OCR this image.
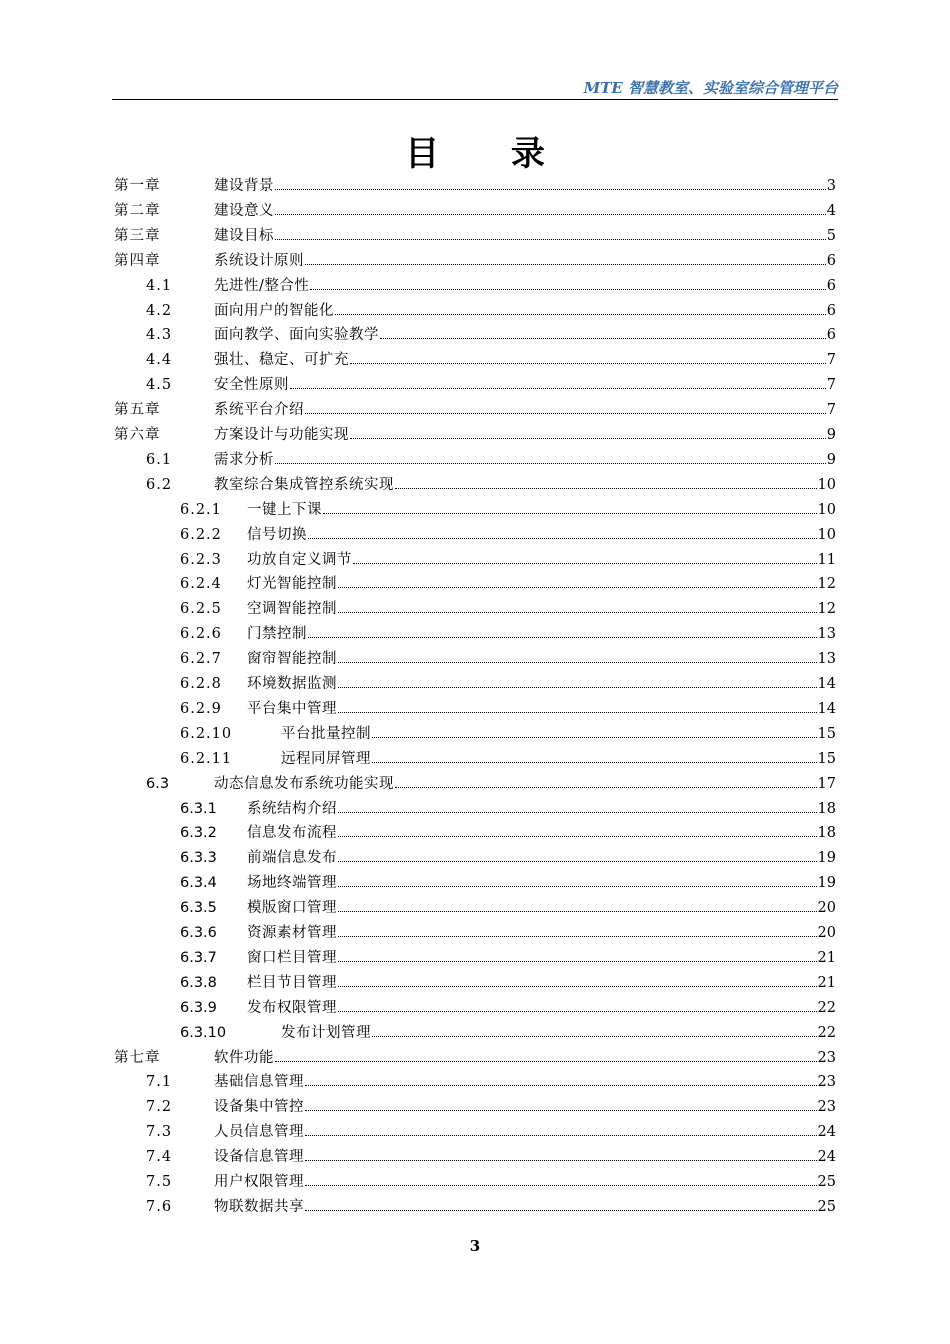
MTE 智慧教室、实验室综合管理平台
目 录
第一章	建设背景	3
第二章	建设意义	4
第三章	建设目标	5
第四章	系统设计原则	6
4.1	先进性/整合性	6
4.2	面向用户的智能化	6
4.3	面向教学、面向实验教学	6
4.4	强壮、稳定、可扩充	7
4.5	安全性原则	7
第五章	系统平台介绍	7
第六章	方案设计与功能实现	9
6.1	需求分析	9
6.2	教室综合集成管控系统实现	10
6.2.1 一键上下课	10
6.2.2 信号切换	10
6.2.3 功放自定义调节	11
6.2.4 灯光智能控制	12
6.2.5 空调智能控制	12
6.2.6 门禁控制	13
6.2.7 窗帘智能控制	13
6.2.8 环境数据监测	14
6.2.9 平台集中管理	14
6.2.10	平台批量控制	15
6.2.11	远程同屏管理	15
6.3	动态信息发布系统功能实现	17
6.3.1 系统结构介绍	18
6.3.2 信息发布流程	18
6.3.3 前端信息发布	19
6.3.4 场地终端管理	19
6.3.5 模版窗口管理	20
6.3.6 资源素材管理	20
6.3.7 窗口栏目管理	21
6.3.8 栏目节目管理	21
6.3.9 发布权限管理	22
6.3.10	发布计划管理	22
第七章	软件功能	23
7.1	基础信息管理	23
7.2	设备集中管控	23
7.3	人员信息管理	24
7.4	设备信息管理	24
7.5	用户权限管理	25
7.6	物联数据共享	25
3
